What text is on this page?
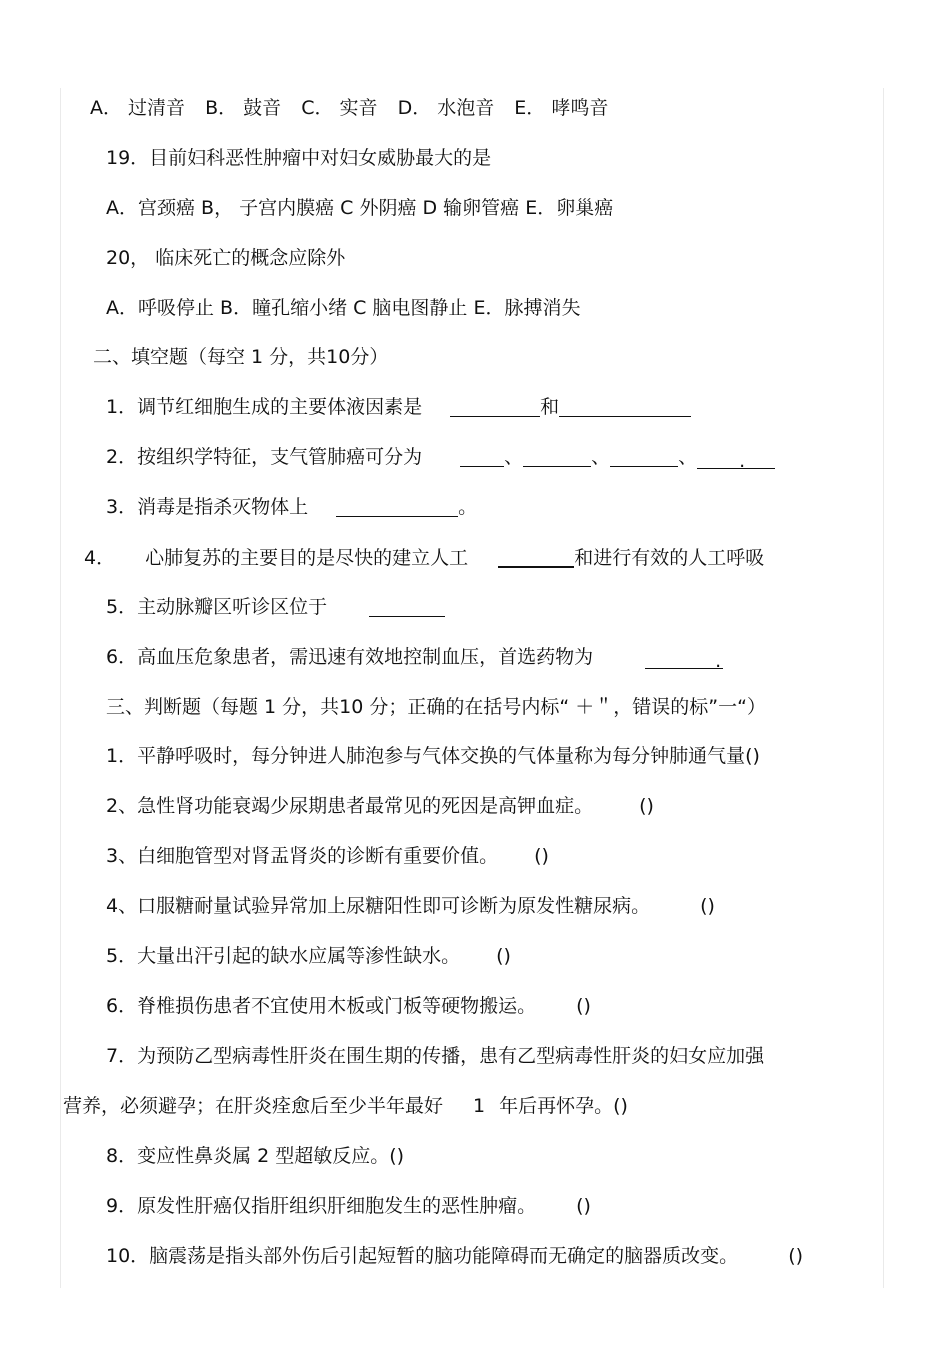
A． 过清音 B． 鼓音 C． 实音 D． 水泡音 E． 哮鸣音
19．目前妇科恶性肿瘤中对妇女威胁最大的是
A．宫颈癌 B， 子宫内膜癌 C 外阴癌 D 输卵管癌 E．卵巢癌
20， 临床死亡的概念应除外
A．呼吸停止 B．瞳孔缩小绪 C 脑电图静止 E．脉搏消失
二、填空题（每空 1 分，共10分）
1．调节红细胞生成的主要体液因素是	和
2．按组织学特征，支气管肺癌可分为	、	、	、 .
3．消毒是指杀灭物体上	。
4． 心肺复苏的主要目的是尽快的建立人工	和进行有效的人工呼吸
5．主动脉瓣区听诊区位于
6．高血压危象患者，需迅速有效地控制血压，首选药物为	.
三、判断题（每题 1 分，共10 分；正确的在括号内标“ ＋＂，错误的标”一“）
1．平静呼吸时，每分钟进人肺泡参与气体交换的气体量称为每分钟肺通气量()
2、急性肾功能衰竭少尿期患者最常见的死因是高钾血症。 ()
3、白细胞管型对肾盂肾炎的诊断有重要价值。 ()
4、口服糖耐量试验异常加上尿糖阳性即可诊断为原发性糖尿病。	()
5．大量出汗引起的缺水应属等渗性缺水。 ()
6．脊椎损伤患者不宜使用木板或门板等硬物搬运。 ()
7．为预防乙型病毒性肝炎在围生期的传播，患有乙型病毒性肝炎的妇女应加强
营养，必须避孕；在肝炎痊愈后至少半年最好 1 年后再怀孕。()
8．变应性鼻炎属 2 型超敏反应。()
9．原发性肝癌仅指肝组织肝细胞发生的恶性肿瘤。 ()
10．脑震荡是指头部外伤后引起短暂的脑功能障碍而无确定的脑器质改变。	()
